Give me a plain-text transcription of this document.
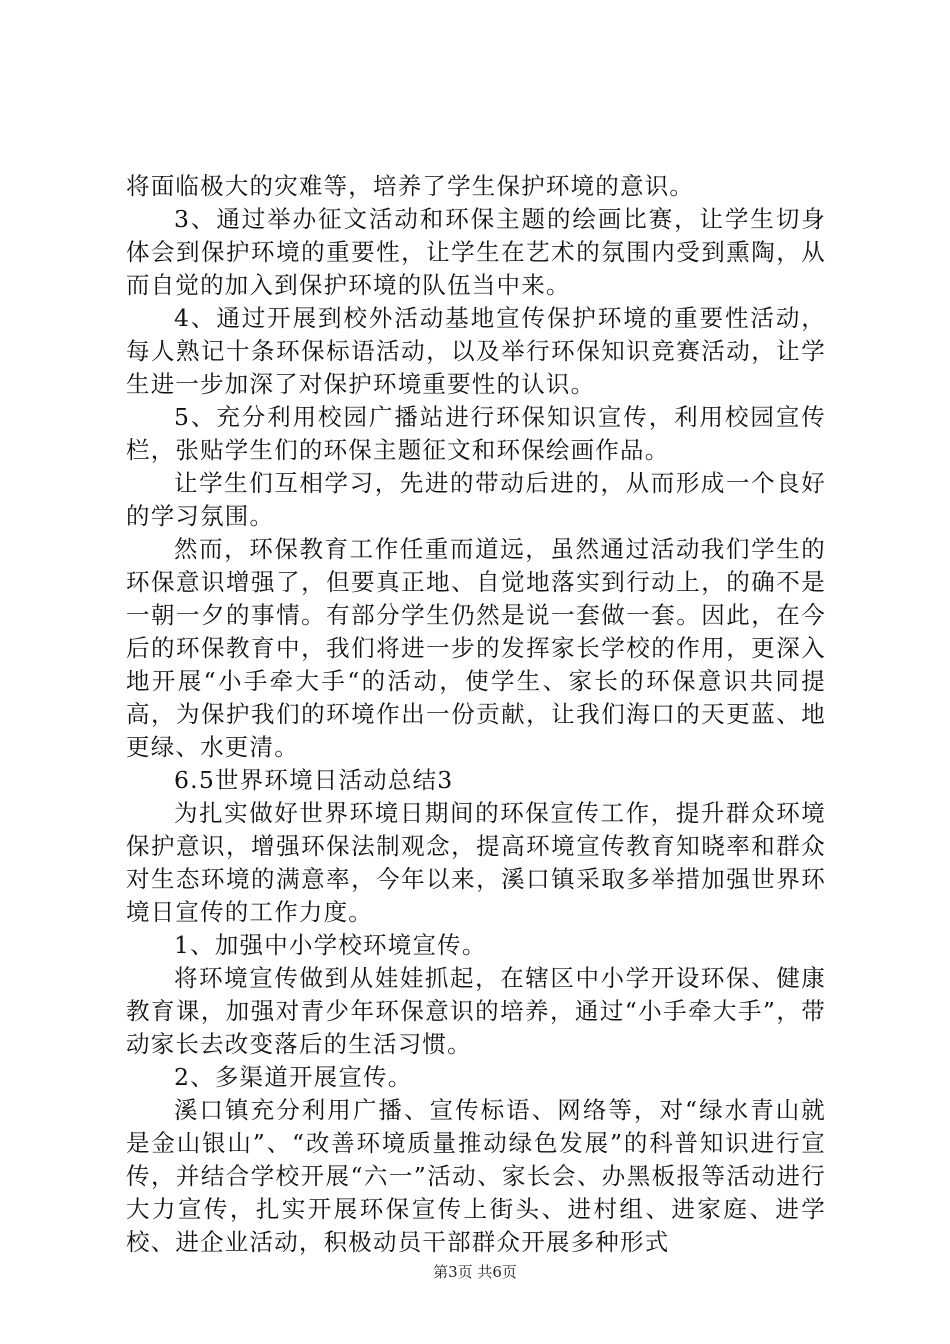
将面临极大的灾难等，培养了学生保护环境的意识。

3、通过举办征文活动和环保主题的绘画比赛，让学生切身体会到保护环境的重要性，让学生在艺术的氛围内受到熏陶，从而自觉的加入到保护环境的队伍当中来。

4、通过开展到校外活动基地宣传保护环境的重要性活动，每人熟记十条环保标语活动，以及举行环保知识竞赛活动，让学生进一步加深了对保护环境重要性的认识。

5、充分利用校园广播站进行环保知识宣传，利用校园宣传栏，张贴学生们的环保主题征文和环保绘画作品。

让学生们互相学习，先进的带动后进的，从而形成一个良好的学习氛围。

然而，环保教育工作任重而道远，虽然通过活动我们学生的环保意识增强了，但要真正地、自觉地落实到行动上，的确不是一朝一夕的事情。有部分学生仍然是说一套做一套。因此，在今后的环保教育中，我们将进一步的发挥家长学校的作用，更深入地开展“小手牵大手“的活动，使学生、家长的环保意识共同提高，为保护我们的环境作出一份贡献，让我们海口的天更蓝、地更绿、水更清。

6.5世界环境日活动总结3

为扎实做好世界环境日期间的环保宣传工作，提升群众环境保护意识，增强环保法制观念，提高环境宣传教育知晓率和群众对生态环境的满意率，今年以来，溪口镇采取多举措加强世界环境日宣传的工作力度。

1、加强中小学校环境宣传。

将环境宣传做到从娃娃抓起，在辖区中小学开设环保、健康教育课，加强对青少年环保意识的培养，通过“小手牵大手”，带动家长去改变落后的生活习惯。

2、多渠道开展宣传。

溪口镇充分利用广播、宣传标语、网络等，对“绿水青山就是金山银山”、“改善环境质量推动绿色发展”的科普知识进行宣传，并结合学校开展“六一”活动、家长会、办黑板报等活动进行大力宣传，扎实开展环保宣传上街头、进村组、进家庭、进学校、进企业活动，积极动员干部群众开展多种形式

第3页 共6页
